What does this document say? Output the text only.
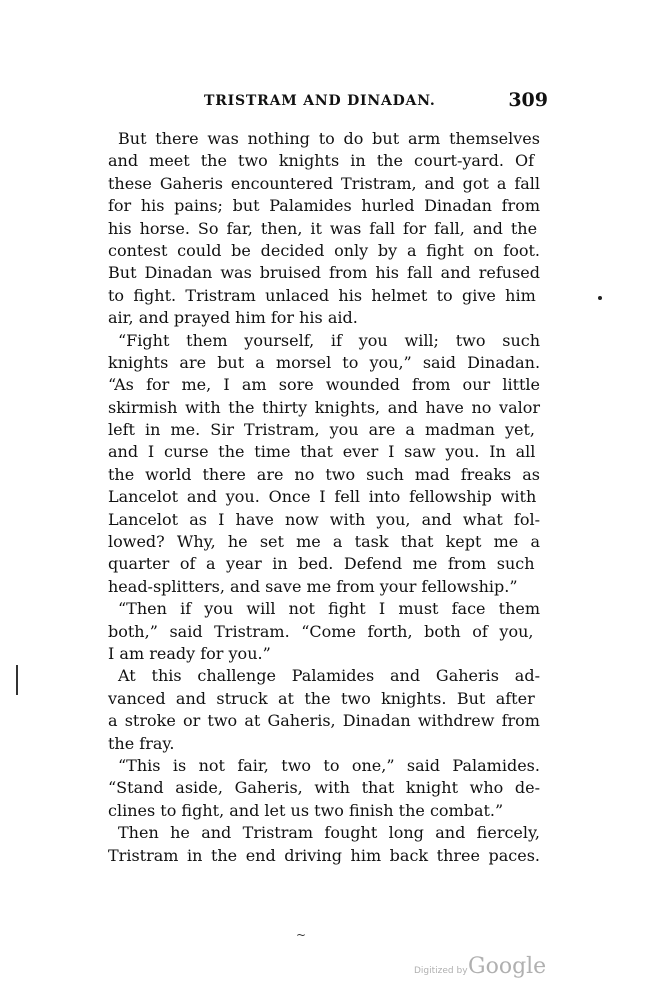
TRISTRAM AND DINADAN.	309
But there was nothing to do but arm themselves
and meet the two knights in the court-yard. Of
these Gaheris encountered Tristram, and got a fall
for his pains; but Palamides hurled Dinadan from
his horse. So far, then, it was fall for fall, and the
contest could be decided only by a fight on foot.
But Dinadan was bruised from his fall and refused
to fight. Tristram unlaced his helmet to give him
air, and prayed him for his aid.
“Fight them yourself, if you will; two such
knights are but a morsel to you,” said Dinadan.
“As for me, I am sore wounded from our little
skirmish with the thirty knights, and have no valor
left in me. Sir Tristram, you are a madman yet,
and I curse the time that ever I saw you. In all
the world there are no two such mad freaks as
Lancelot and you. Once I fell into fellowship with
Lancelot as I have now with you, and what fol-
lowed? Why, he set me a task that kept me a
quarter of a year in bed. Defend me from such
head-splitters, and save me from your fellowship.”
“Then if you will not fight I must face them
both,” said Tristram. “Come forth, both of you,
I am ready for you.”
At this challenge Palamides and Gaheris ad-
vanced and struck at the two knights. But after
a stroke or two at Gaheris, Dinadan withdrew from
the fray.
“This is not fair, two to one,” said Palamides.
“Stand aside, Gaheris, with that knight who de-
clines to fight, and let us two finish the combat.”
Then he and Tristram fought long and fiercely,
Tristram in the end driving him back three paces.
~
Digitized by Google
